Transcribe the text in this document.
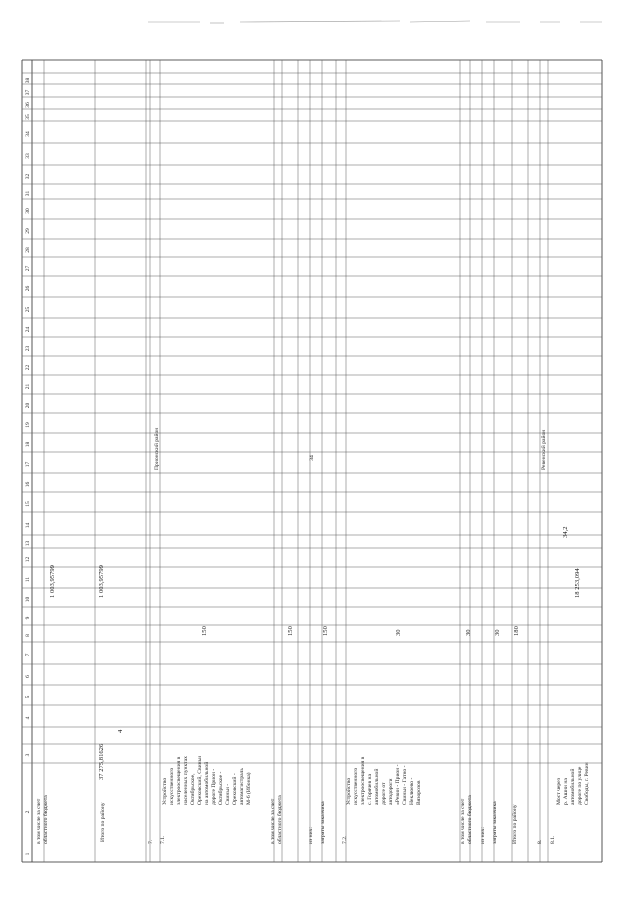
34
1
2
3
4
5
6
7
8
9
10
11
12
13
14
15
16
17
18
19
20
21
22
23
24
25
26
27
28
29
30
31
32
33
34
35
36
37
38
Прионский район	Ревенский район
Итого по району
37 275,81626
4
1 003,95799
в том числе за счетобластного бюджета
1 003,95799
7. 7.1.
Устройство искусственного электроосвещения в населенных пунктах Октябрьское, Ореховский, Свиньи на автомобильной дороге Прион - Октябрьское - Свиньи - Ореховский - автомагистраль М-6 (Ибонка)
150
в том числе за счетобластного бюджета
150
из них: затраты заказчика
150
7.2.
Устройство искусственного электроосвещения в с. Горячев на автомобильной дороге от автодороги «Ревин - Прион - Свиньи - Гатно - Неклюево - Вязорозов
30
в том числе за счетобластного бюджета
30
из них: затраты заказчика
30
Итого по району
180
8. 8.1.
Мост через р. Ашни на автомобильной дороге по улице Свободы, г. Ревин
18 253,094
34,2
